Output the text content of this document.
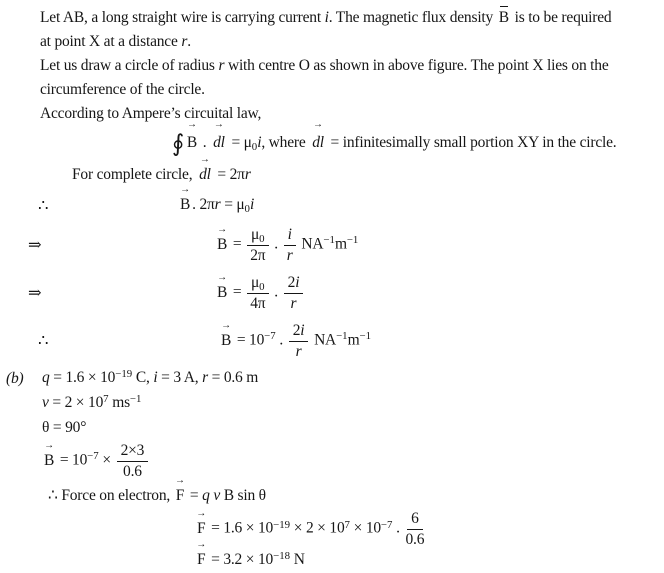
Let AB, a long straight wire is carrying current i. The magnetic flux density B is to be required
at point X at a distance r.
Let us draw a circle of radius r with centre O as shown in above figure. The point X lies on the
circumference of the circle.
According to Ampere’s circuital law,
∮ B → . dl → = μ0i, where dl → = infinitesimally small portion XY in the circle.
For complete circle, dl → = 2πr
∴	B → . 2πr = μ0i
⇒	B → = $\frac{\mu 0}{2\pi}$ . $\frac{i}{r} NA^{-1}m^{-1}$
⇒	B → = $\frac{\mu 0}{4\pi}$ . $\frac{2i}{r}$
∴	B → = $10^{-7}$ . $\frac{2i}{r} NA^{-1}m^{-1}$
(b) $q = 1.6 \times 10^{-19}$ C, i = 3 A, r = 0.6 m
$v = 2 \times 10^7$ $ms^{-1}$
θ = 90°
B → = $10^{-7} \times \frac{2\times 3}{0.6}$
∴ Force on electron, F → = q v B sin θ
F → = $1.6 \times 10^{-19} \times 2 \times 10^7 \times 10^{-7}$ . $\frac{6}{0.6}$
F → = $3.2 \times 10^{-18}$ N
